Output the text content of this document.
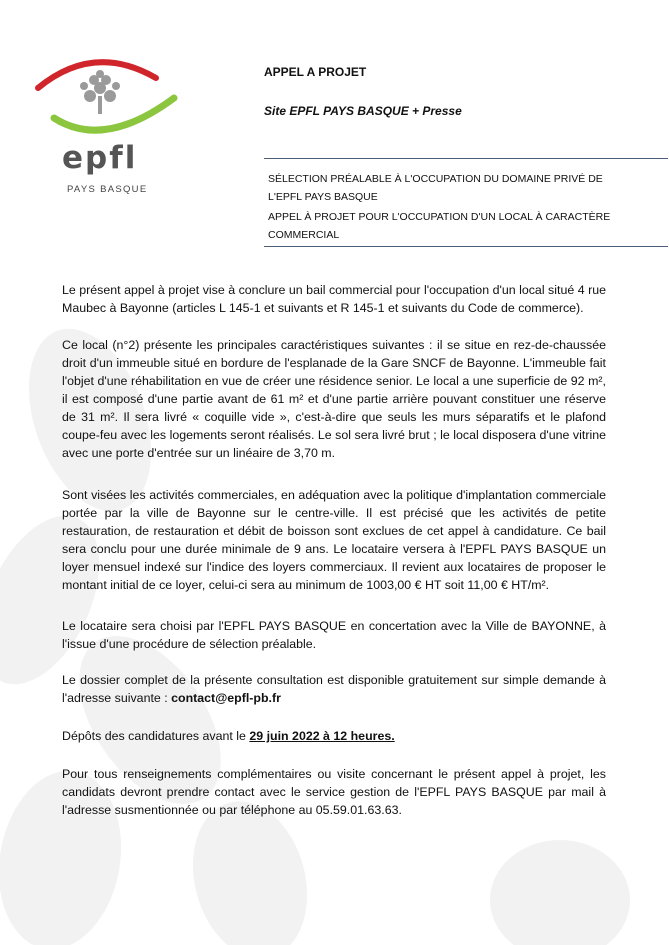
epfl
PAYS BASQUE
APPEL A PROJET
Site EPFL PAYS BASQUE + Presse
SÉLECTION PRÉALABLE À L'OCCUPATION DU DOMAINE PRIVÉ DE
L'EPFL PAYS BASQUE
APPEL À PROJET POUR L'OCCUPATION D'UN LOCAL À CARACTÈRE
COMMERCIAL

Le présent appel à projet vise à conclure un bail commercial pour l'occupation d'un local situé 4 rue Maubec à Bayonne (articles L 145-1 et suivants et R 145-1 et suivants du Code de commerce).

Ce local (n°2) présente les principales caractéristiques suivantes : il se situe en rez-de-chaussée droit d'un immeuble situé en bordure de l'esplanade de la Gare SNCF de Bayonne. L'immeuble fait l'objet d'une réhabilitation en vue de créer une résidence senior. Le local a une superficie de 92 m², il est composé d'une partie avant de 61 m² et d'une partie arrière pouvant constituer une réserve de 31 m². Il sera livré « coquille vide », c'est-à-dire que seuls les murs séparatifs et le plafond coupe-feu avec les logements seront réalisés. Le sol sera livré brut ; le local disposera d'une vitrine avec une porte d'entrée sur un linéaire de 3,70 m.

Sont visées les activités commerciales, en adéquation avec la politique d'implantation commerciale portée par la ville de Bayonne sur le centre-ville. Il est précisé que les activités de petite restauration, de restauration et débit de boisson sont exclues de cet appel à candidature. Ce bail sera conclu pour une durée minimale de 9 ans. Le locataire versera à l'EPFL PAYS BASQUE un loyer mensuel indexé sur l'indice des loyers commerciaux. Il revient aux locataires de proposer le montant initial de ce loyer, celui-ci sera au minimum de 1003,00 € HT soit 11,00 € HT/m².

Le locataire sera choisi par l'EPFL PAYS BASQUE en concertation avec la Ville de BAYONNE, à l'issue d'une procédure de sélection préalable.

Le dossier complet de la présente consultation est disponible gratuitement sur simple demande à l'adresse suivante : contact@epfl-pb.fr

Dépôts des candidatures avant le 29 juin 2022 à 12 heures.

Pour tous renseignements complémentaires ou visite concernant le présent appel à projet, les candidats devront prendre contact avec le service gestion de l'EPFL PAYS BASQUE par mail à l'adresse susmentionnée ou par téléphone au 05.59.01.63.63.
